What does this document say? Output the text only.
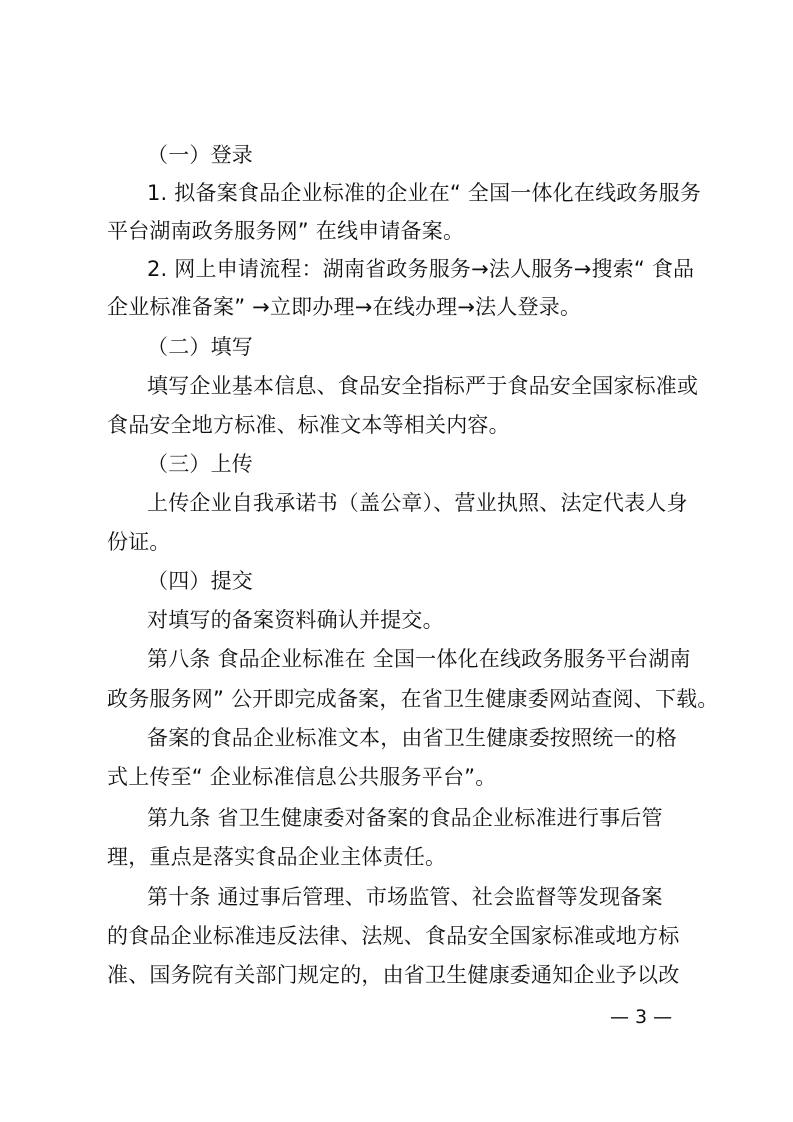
（一）登录
1. 拟备案食品企业标准的企业在“ 全国一体化在线政务服务
平台湖南政务服务网” 在线申请备案。
2. 网上申请流程：湖南省政务服务→法人服务→搜索“ 食品
企业标准备案” →立即办理→在线办理→法人登录。
（二）填写
填写企业基本信息、食品安全指标严于食品安全国家标准或
食品安全地方标准、标准文本等相关内容。
（三）上传
上传企业自我承诺书（盖公章）、营业执照、法定代表人身
份证。
（四）提交
对填写的备案资料确认并提交。
第八条 食品企业标准在 全国一体化在线政务服务平台湖南
政务服务网” 公开即完成备案，在省卫生健康委网站查阅、下载。
备案的食品企业标准文本，由省卫生健康委按照统一的格
式上传至“ 企业标准信息公共服务平台”。
第九条 省卫生健康委对备案的食品企业标准进行事后管
理，重点是落实食品企业主体责任。
第十条 通过事后管理、市场监管、社会监督等发现备案
的食品企业标准违反法律、法规、食品安全国家标准或地方标
准、国务院有关部门规定的，由省卫生健康委通知企业予以改
— 3 —
